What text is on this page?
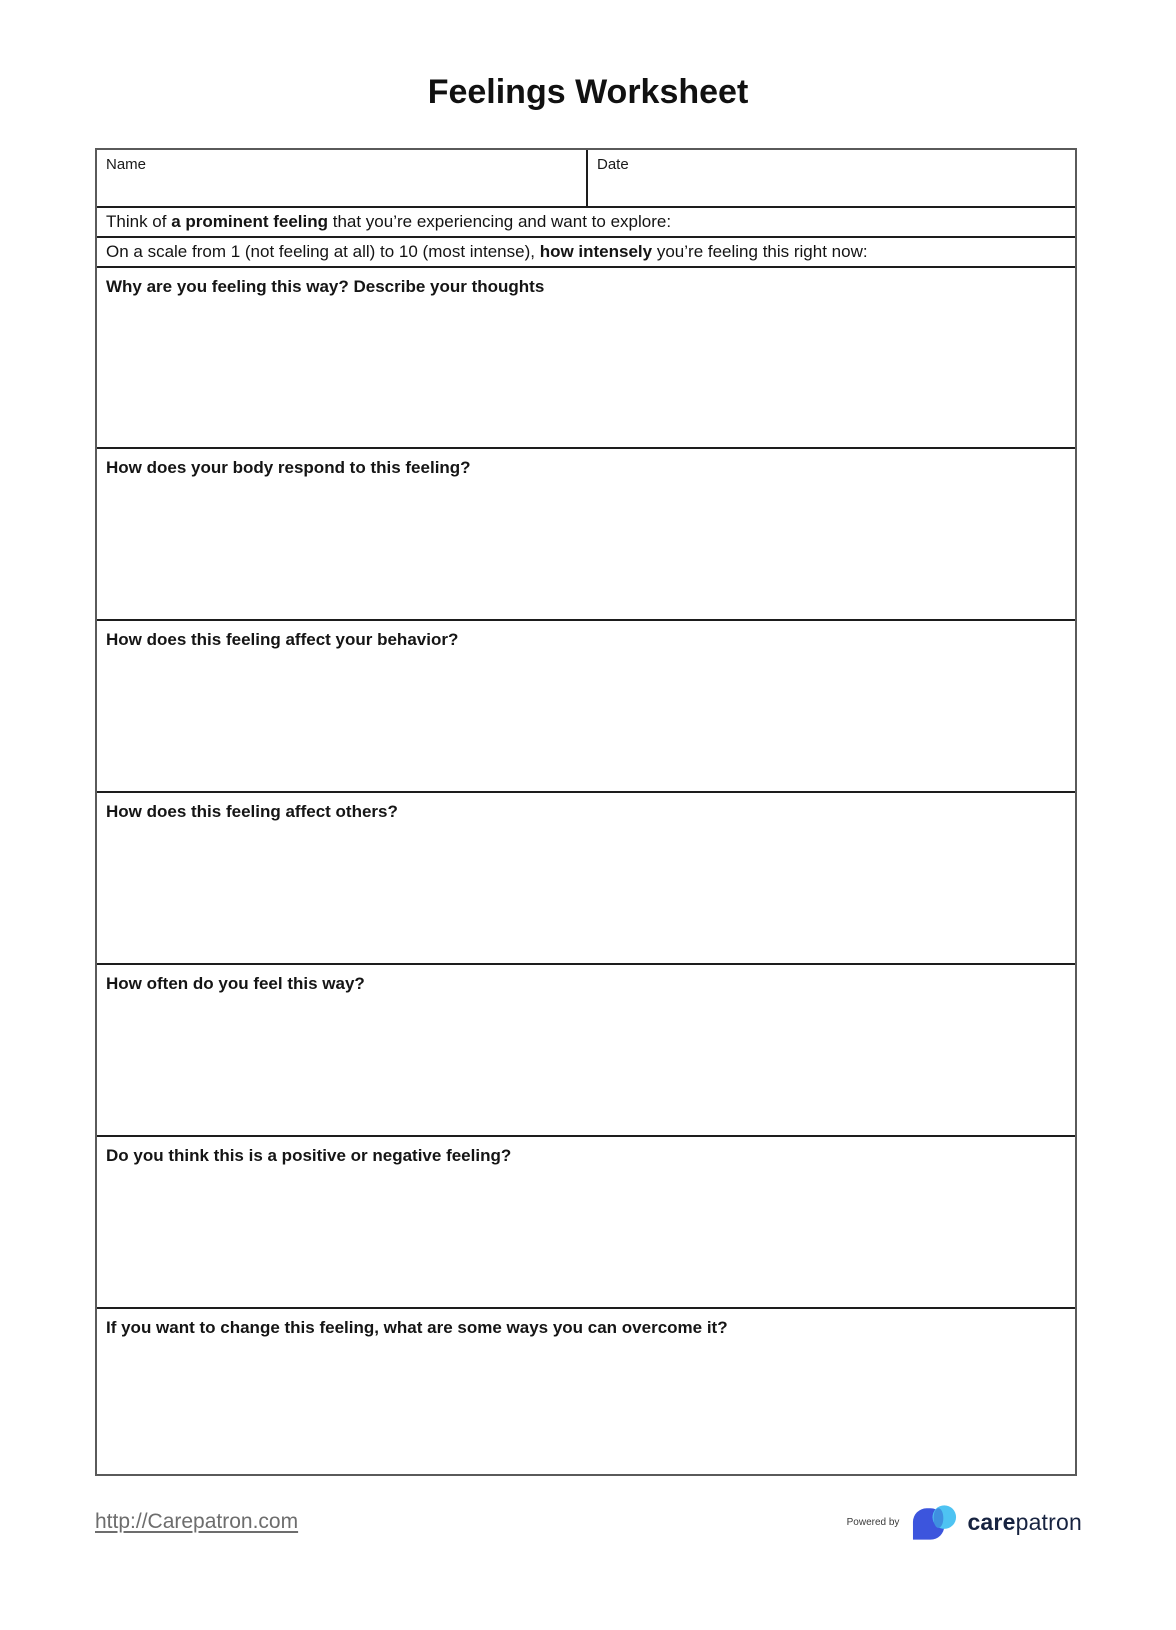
Feelings Worksheet
Name	Date
Think of a prominent feeling that you’re experiencing and want to explore:
On a scale from 1 (not feeling at all) to 10 (most intense), how intensely you’re feeling this right now:
Why are you feeling this way? Describe your thoughts
How does your body respond to this feeling?
How does this feeling affect your behavior?
How does this feeling affect others?
How often do you feel this way?
Do you think this is a positive or negative feeling?
If you want to change this feeling, what are some ways you can overcome it?
http://Carepatron.com	Powered by	carepatron
